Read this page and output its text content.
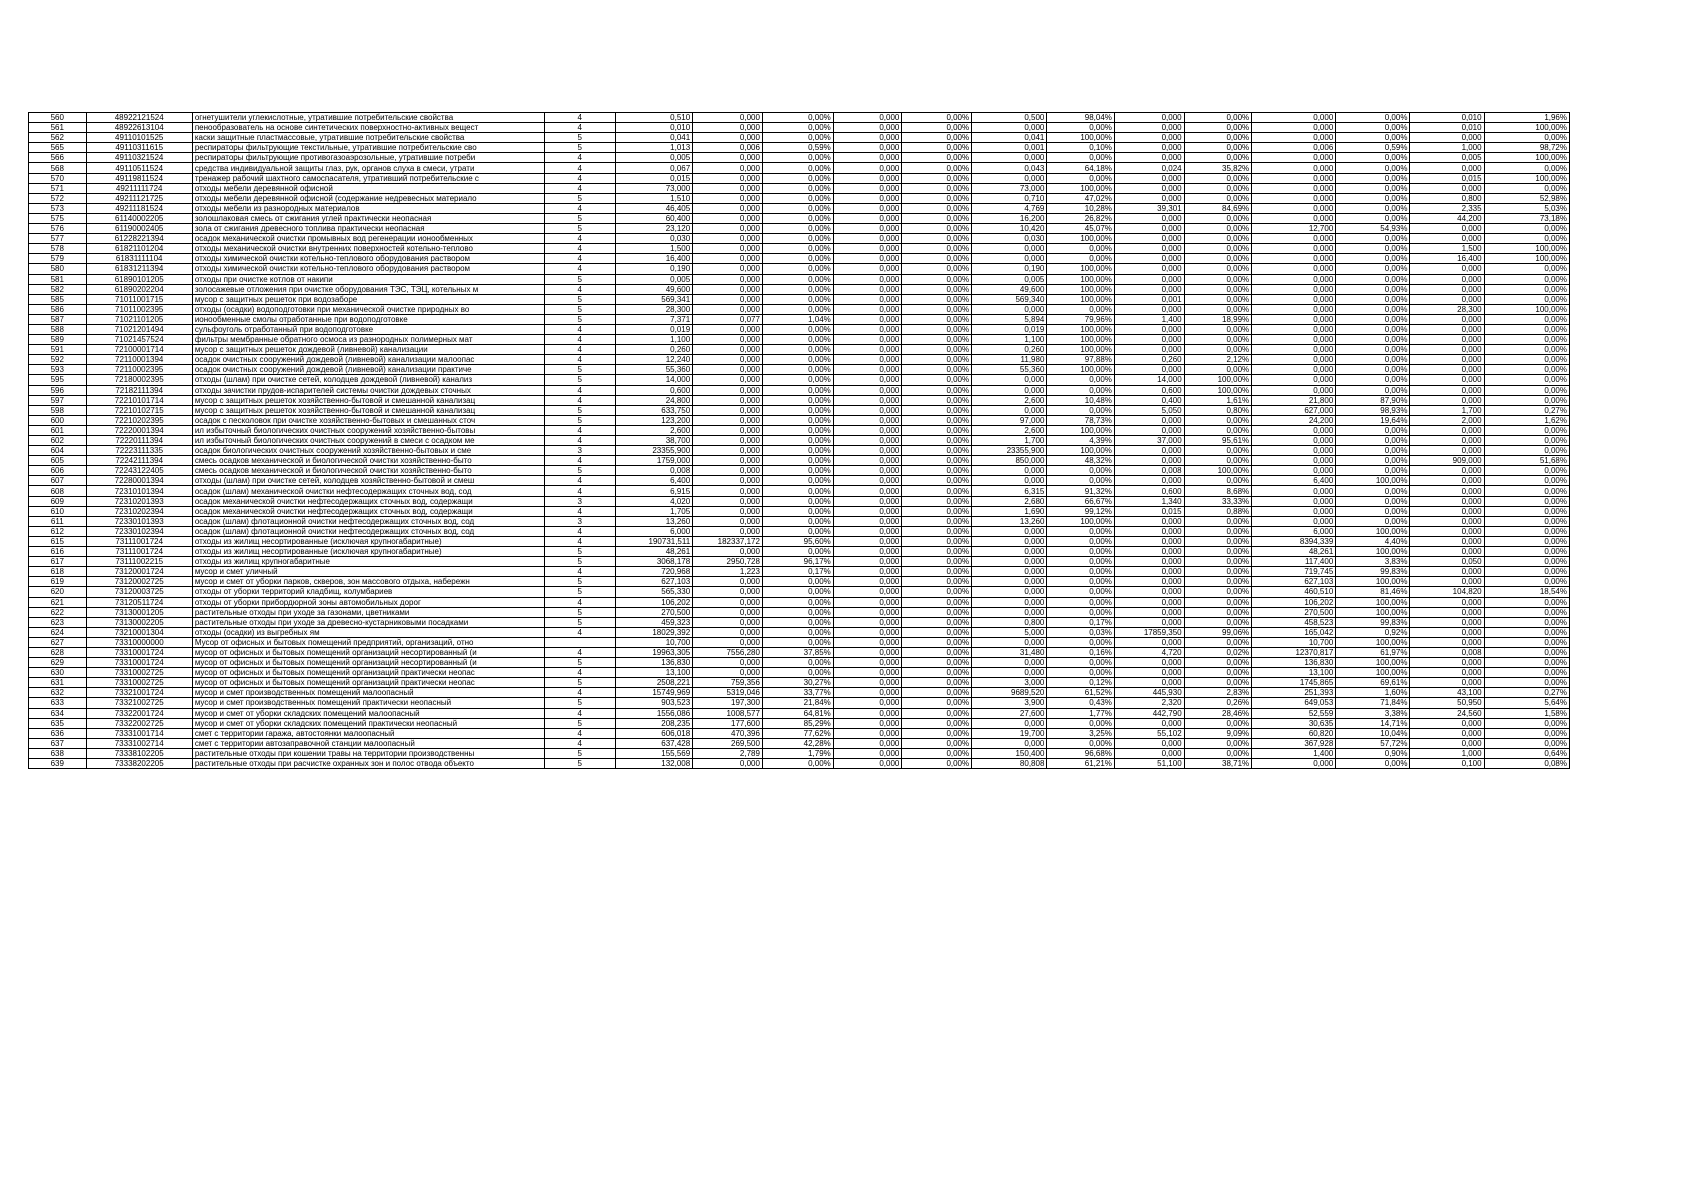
560	48922121524	огнетушители углекислотные, утратившие потребительские свойства	4	0,510	0,000	0,00%	0,000	0,00%	0,500	98,04%	0,000	0,00%	0,000	0,00%	0,010	1,96%
561	48922613104	пенообразователь на основе синтетических поверхностно-активных вещест	4	0,010	0,000	0,00%	0,000	0,00%	0,000	0,00%	0,000	0,00%	0,000	0,00%	0,010	100,00%
562	49110101525	каски защитные пластмассовые, утратившие потребительские свойства	5	0,041	0,000	0,00%	0,000	0,00%	0,041	100,00%	0,000	0,00%	0,000	0,00%	0,000	0,00%
565	49110311615	респираторы фильтрующие текстильные, утратившие потребительские сво	5	1,013	0,006	0,59%	0,000	0,00%	0,001	0,10%	0,000	0,00%	0,006	0,59%	1,000	98,72%
566	49110321524	респираторы фильтрующие противогазоаэрозольные, утратившие потреби	4	0,005	0,000	0,00%	0,000	0,00%	0,000	0,00%	0,000	0,00%	0,000	0,00%	0,005	100,00%
568	49110511524	средства индивидуальной защиты глаз, рук, органов слуха в смеси, утрати	4	0,067	0,000	0,00%	0,000	0,00%	0,043	64,18%	0,024	35,82%	0,000	0,00%	0,000	0,00%
570	49119811524	тренажер рабочий шахтного самоспасателя, утративший потребительские с	4	0,015	0,000	0,00%	0,000	0,00%	0,000	0,00%	0,000	0,00%	0,000	0,00%	0,015	100,00%
571	49211111724	отходы мебели деревянной офисной	4	73,000	0,000	0,00%	0,000	0,00%	73,000	100,00%	0,000	0,00%	0,000	0,00%	0,000	0,00%
572	49211121725	отходы мебели деревянной офисной (содержание недревесных материало	5	1,510	0,000	0,00%	0,000	0,00%	0,710	47,02%	0,000	0,00%	0,000	0,00%	0,800	52,98%
573	49211181524	отходы мебели из разнородных материалов	4	46,405	0,000	0,00%	0,000	0,00%	4,769	10,28%	39,301	84,69%	0,000	0,00%	2,335	5,03%
575	61140002205	золошлаковая смесь от сжигания углей практически неопасная	5	60,400	0,000	0,00%	0,000	0,00%	16,200	26,82%	0,000	0,00%	0,000	0,00%	44,200	73,18%
576	61190002405	зола от сжигания древесного топлива практически неопасная	5	23,120	0,000	0,00%	0,000	0,00%	10,420	45,07%	0,000	0,00%	12,700	54,93%	0,000	0,00%
577	61228221394	осадок механической очистки промывных вод регенерации ионообменных	4	0,030	0,000	0,00%	0,000	0,00%	0,030	100,00%	0,000	0,00%	0,000	0,00%	0,000	0,00%
578	61821101204	отходы механической очистки внутренних поверхностей котельно-теплово	4	1,500	0,000	0,00%	0,000	0,00%	0,000	0,00%	0,000	0,00%	0,000	0,00%	1,500	100,00%
579	61831111104	отходы химической очистки котельно-теплового оборудования раствором	4	16,400	0,000	0,00%	0,000	0,00%	0,000	0,00%	0,000	0,00%	0,000	0,00%	16,400	100,00%
580	61831211394	отходы химической очистки котельно-теплового оборудования раствором	4	0,190	0,000	0,00%	0,000	0,00%	0,190	100,00%	0,000	0,00%	0,000	0,00%	0,000	0,00%
581	61890101205	отходы при очистке котлов от накипи	5	0,005	0,000	0,00%	0,000	0,00%	0,005	100,00%	0,000	0,00%	0,000	0,00%	0,000	0,00%
582	61890202204	золосажевые отложения при очистке оборудования ТЭС, ТЭЦ, котельных м	4	49,600	0,000	0,00%	0,000	0,00%	49,600	100,00%	0,000	0,00%	0,000	0,00%	0,000	0,00%
585	71011001715	мусор с защитных решеток при водозаборе	5	569,341	0,000	0,00%	0,000	0,00%	569,340	100,00%	0,001	0,00%	0,000	0,00%	0,000	0,00%
586	71011002395	отходы (осадки) водоподготовки при механической очистке природных во	5	28,300	0,000	0,00%	0,000	0,00%	0,000	0,00%	0,000	0,00%	0,000	0,00%	28,300	100,00%
587	71021101205	ионообменные смолы отработанные при водоподготовке	5	7,371	0,077	1,04%	0,000	0,00%	5,894	79,96%	1,400	18,99%	0,000	0,00%	0,000	0,00%
588	71021201494	сульфоуголь отработанный при водоподготовке	4	0,019	0,000	0,00%	0,000	0,00%	0,019	100,00%	0,000	0,00%	0,000	0,00%	0,000	0,00%
589	71021457524	фильтры мембранные обратного осмоса из разнородных полимерных мат	4	1,100	0,000	0,00%	0,000	0,00%	1,100	100,00%	0,000	0,00%	0,000	0,00%	0,000	0,00%
591	72100001714	мусор с защитных решеток дождевой (ливневой) канализации	4	0,260	0,000	0,00%	0,000	0,00%	0,260	100,00%	0,000	0,00%	0,000	0,00%	0,000	0,00%
592	72110001394	осадок очистных сооружений дождевой (ливневой) канализации малоопас	4	12,240	0,000	0,00%	0,000	0,00%	11,980	97,88%	0,260	2,12%	0,000	0,00%	0,000	0,00%
593	72110002395	осадок очистных сооружений дождевой (ливневой) канализации практиче	5	55,360	0,000	0,00%	0,000	0,00%	55,360	100,00%	0,000	0,00%	0,000	0,00%	0,000	0,00%
595	72180002395	отходы (шлам) при очистке сетей, колодцев дождевой (ливневой) канализ	5	14,000	0,000	0,00%	0,000	0,00%	0,000	0,00%	14,000	100,00%	0,000	0,00%	0,000	0,00%
596	72182111394	отходы зачистки прудов-испарителей системы очистки дождевых сточных	4	0,600	0,000	0,00%	0,000	0,00%	0,000	0,00%	0,600	100,00%	0,000	0,00%	0,000	0,00%
597	72210101714	мусор с защитных решеток хозяйственно-бытовой и смешанной канализац	4	24,800	0,000	0,00%	0,000	0,00%	2,600	10,48%	0,400	1,61%	21,800	87,90%	0,000	0,00%
598	72210102715	мусор с защитных решеток хозяйственно-бытовой и смешанной канализац	5	633,750	0,000	0,00%	0,000	0,00%	0,000	0,00%	5,050	0,80%	627,000	98,93%	1,700	0,27%
600	72210202395	осадок с песколовок при очистке хозяйственно-бытовых и смешанных сточ	5	123,200	0,000	0,00%	0,000	0,00%	97,000	78,73%	0,000	0,00%	24,200	19,64%	2,000	1,62%
601	72220001394	ил избыточный биологических очистных сооружений хозяйственно-бытовы	4	2,600	0,000	0,00%	0,000	0,00%	2,600	100,00%	0,000	0,00%	0,000	0,00%	0,000	0,00%
602	72220111394	ил избыточный биологических очистных сооружений в смеси с осадком ме	4	38,700	0,000	0,00%	0,000	0,00%	1,700	4,39%	37,000	95,61%	0,000	0,00%	0,000	0,00%
604	72223111335	осадок биологических очистных сооружений хозяйственно-бытовых и сме	3	23355,900	0,000	0,00%	0,000	0,00%	23355,900	100,00%	0,000	0,00%	0,000	0,00%	0,000	0,00%
605	72242111394	смесь осадков механической и биологической очистки хозяйственно-быто	4	1759,000	0,000	0,00%	0,000	0,00%	850,000	48,32%	0,000	0,00%	0,000	0,00%	909,000	51,68%
606	72243122405	смесь осадков механической и биологической очистки хозяйственно-быто	5	0,008	0,000	0,00%	0,000	0,00%	0,000	0,00%	0,008	100,00%	0,000	0,00%	0,000	0,00%
607	72280001394	отходы (шлам) при очистке сетей, колодцев хозяйственно-бытовой и смеш	4	6,400	0,000	0,00%	0,000	0,00%	0,000	0,00%	0,000	0,00%	6,400	100,00%	0,000	0,00%
608	72310101394	осадок (шлам) механической очистки нефтесодержащих сточных вод, сод	4	6,915	0,000	0,00%	0,000	0,00%	6,315	91,32%	0,600	8,68%	0,000	0,00%	0,000	0,00%
609	72310201393	осадок механической очистки нефтесодержащих сточных вод, содержащи	3	4,020	0,000	0,00%	0,000	0,00%	2,680	66,67%	1,340	33,33%	0,000	0,00%	0,000	0,00%
610	72310202394	осадок механической очистки нефтесодержащих сточных вод, содержащи	4	1,705	0,000	0,00%	0,000	0,00%	1,690	99,12%	0,015	0,88%	0,000	0,00%	0,000	0,00%
611	72330101393	осадок (шлам) флотационной очистки нефтесодержащих сточных вод, сод	3	13,260	0,000	0,00%	0,000	0,00%	13,260	100,00%	0,000	0,00%	0,000	0,00%	0,000	0,00%
612	72330102394	осадок (шлам) флотационной очистки нефтесодержащих сточных вод, сод	4	6,000	0,000	0,00%	0,000	0,00%	0,000	0,00%	0,000	0,00%	6,000	100,00%	0,000	0,00%
615	73111001724	отходы из жилищ несортированные (исключая крупногабаритные)	4	190731,511	182337,172	95,60%	0,000	0,00%	0,000	0,00%	0,000	0,00%	8394,339	4,40%	0,000	0,00%
616	73111001724	отходы из жилищ несортированные (исключая крупногабаритные)	5	48,261	0,000	0,00%	0,000	0,00%	0,000	0,00%	0,000	0,00%	48,261	100,00%	0,000	0,00%
617	73111002215	отходы из жилищ крупногабаритные	5	3068,178	2950,728	96,17%	0,000	0,00%	0,000	0,00%	0,000	0,00%	117,400	3,83%	0,050	0,00%
618	73120001724	мусор и смет уличный	4	720,968	1,223	0,17%	0,000	0,00%	0,000	0,00%	0,000	0,00%	719,745	99,83%	0,000	0,00%
619	73120002725	мусор и смет от уборки парков, скверов, зон массового отдыха, набережн	5	627,103	0,000	0,00%	0,000	0,00%	0,000	0,00%	0,000	0,00%	627,103	100,00%	0,000	0,00%
620	73120003725	отходы от уборки территорий кладбищ, колумбариев	5	565,330	0,000	0,00%	0,000	0,00%	0,000	0,00%	0,000	0,00%	460,510	81,46%	104,820	18,54%
621	73120511724	отходы от уборки прибордюрной зоны автомобильных дорог	4	106,202	0,000	0,00%	0,000	0,00%	0,000	0,00%	0,000	0,00%	106,202	100,00%	0,000	0,00%
622	73130001205	растительные отходы при уходе за газонами, цветниками	5	270,500	0,000	0,00%	0,000	0,00%	0,000	0,00%	0,000	0,00%	270,500	100,00%	0,000	0,00%
623	73130002205	растительные отходы при уходе за древесно-кустарниковыми посадками	5	459,323	0,000	0,00%	0,000	0,00%	0,800	0,17%	0,000	0,00%	458,523	99,83%	0,000	0,00%
624	73210001304	отходы (осадки) из выгребных ям	4	18029,392	0,000	0,00%	0,000	0,00%	5,000	0,03%	17859,350	99,06%	165,042	0,92%	0,000	0,00%
627	73310000000	Мусор от офисных и бытовых помещений предприятий, организаций, отно		10,700	0,000	0,00%	0,000	0,00%	0,000	0,00%	0,000	0,00%	10,700	100,00%	0,000	0,00%
628	73310001724	мусор от офисных и бытовых помещений организаций несортированный (и	4	19963,305	7556,280	37,85%	0,000	0,00%	31,480	0,16%	4,720	0,02%	12370,817	61,97%	0,008	0,00%
629	73310001724	мусор от офисных и бытовых помещений организаций несортированный (и	5	136,830	0,000	0,00%	0,000	0,00%	0,000	0,00%	0,000	0,00%	136,830	100,00%	0,000	0,00%
630	73310002725	мусор от офисных и бытовых помещений организаций практически неопас	4	13,100	0,000	0,00%	0,000	0,00%	0,000	0,00%	0,000	0,00%	13,100	100,00%	0,000	0,00%
631	73310002725	мусор от офисных и бытовых помещений организаций практически неопас	5	2508,221	759,356	30,27%	0,000	0,00%	3,000	0,12%	0,000	0,00%	1745,865	69,61%	0,000	0,00%
632	73321001724	мусор и смет производственных помещений малоопасный	4	15749,969	5319,046	33,77%	0,000	0,00%	9689,520	61,52%	445,930	2,83%	251,393	1,60%	43,100	0,27%
633	73321002725	мусор и смет производственных помещений практически неопасный	5	903,523	197,300	21,84%	0,000	0,00%	3,900	0,43%	2,320	0,26%	649,053	71,84%	50,950	5,64%
634	73322001724	мусор и смет от уборки складских помещений малоопасный	4	1556,086	1008,577	64,81%	0,000	0,00%	27,600	1,77%	442,790	28,46%	52,559	3,38%	24,560	1,58%
635	73322002725	мусор и смет от уборки складских помещений практически неопасный	5	208,235	177,600	85,29%	0,000	0,00%	0,000	0,00%	0,000	0,00%	30,635	14,71%	0,000	0,00%
636	73331001714	смет с территории гаража, автостоянки малоопасный	4	606,018	470,396	77,62%	0,000	0,00%	19,700	3,25%	55,102	9,09%	60,820	10,04%	0,000	0,00%
637	73331002714	смет с территории автозаправочной станции малоопасный	4	637,428	269,500	42,28%	0,000	0,00%	0,000	0,00%	0,000	0,00%	367,928	57,72%	0,000	0,00%
638	73338102205	растительные отходы при кошении травы на территории производственны	5	155,569	2,789	1,79%	0,000	0,00%	150,400	96,68%	0,000	0,00%	1,400	0,90%	1,000	0,64%
639	73338202205	растительные отходы при расчистке охранных зон и полос отвода объекто	5	132,008	0,000	0,00%	0,000	0,00%	80,808	61,21%	51,100	38,71%	0,000	0,00%	0,100	0,08%
